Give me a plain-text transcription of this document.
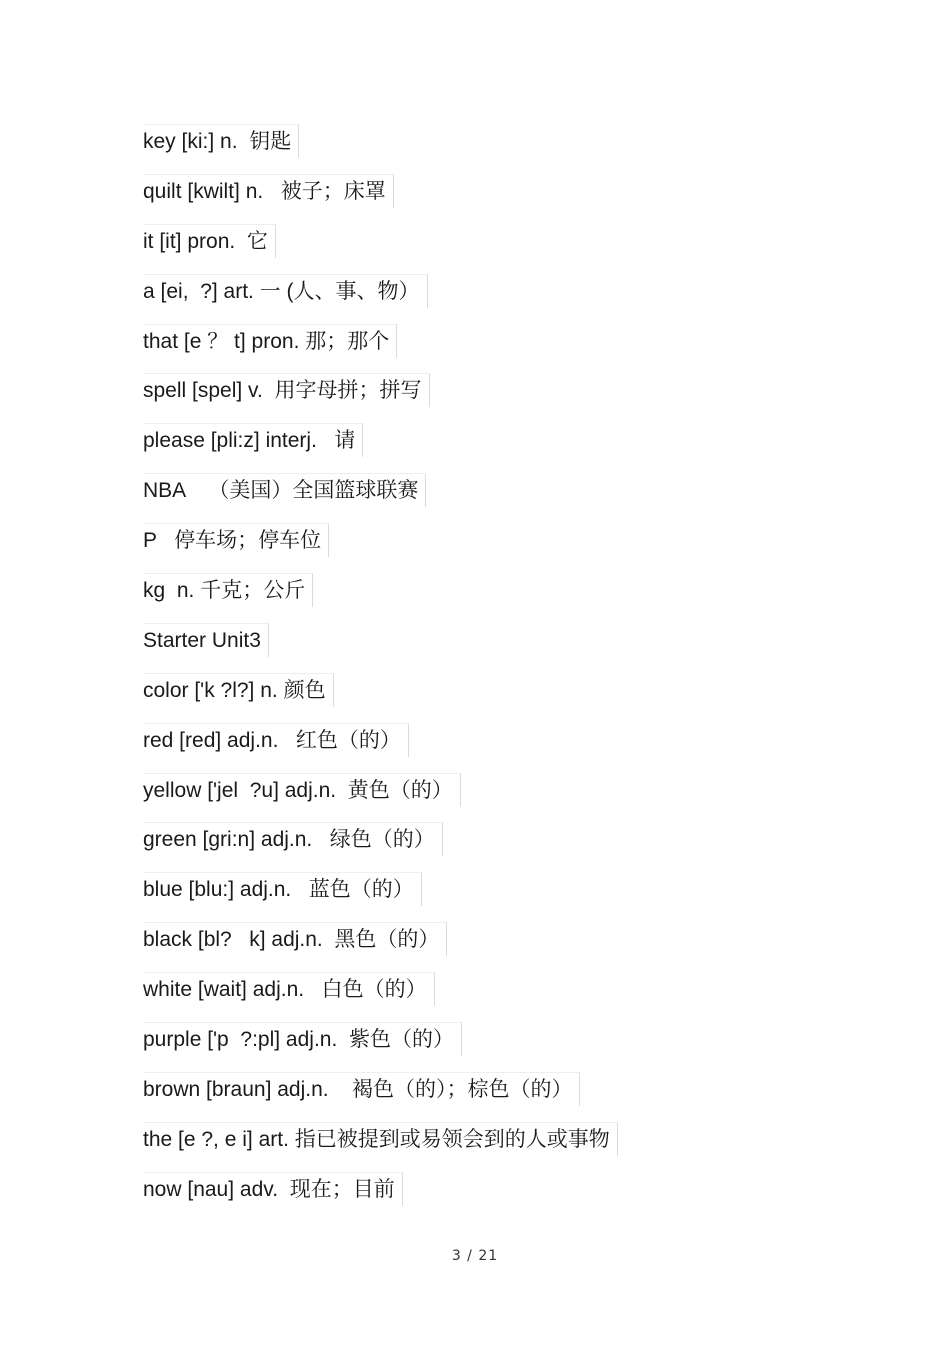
key [ki:] n.  钥匙
quilt [kwilt] n.   被子；床罩
it [it] pron.  它
a [ei,  ?] art. 一 (人、事、物）
that [e ？ t] pron. 那；那个
spell [spel] v.  用字母拼；拼写
please [pli:z] interj.   请
NBA    （美国）全国篮球联赛
P   停车场；停车位
kg  n. 千克；公斤
Starter Unit3
color ['k ?l?] n. 颜色
red [red] adj.n.   红色（的）
yellow ['jel  ?u] adj.n.  黄色（的）
green [gri:n] adj.n.   绿色（的）
blue [blu:] adj.n.   蓝色（的）
black [bl?   k] adj.n.  黑色（的）
white [wait] adj.n.   白色（的）
purple ['p  ?:pl] adj.n.  紫色（的）
brown [braun] adj.n.    褐色（的）；棕色（的）
the [e ?, e i] art. 指已被提到或易领会到的人或事物
now [nau] adv.  现在；目前
3 / 21
